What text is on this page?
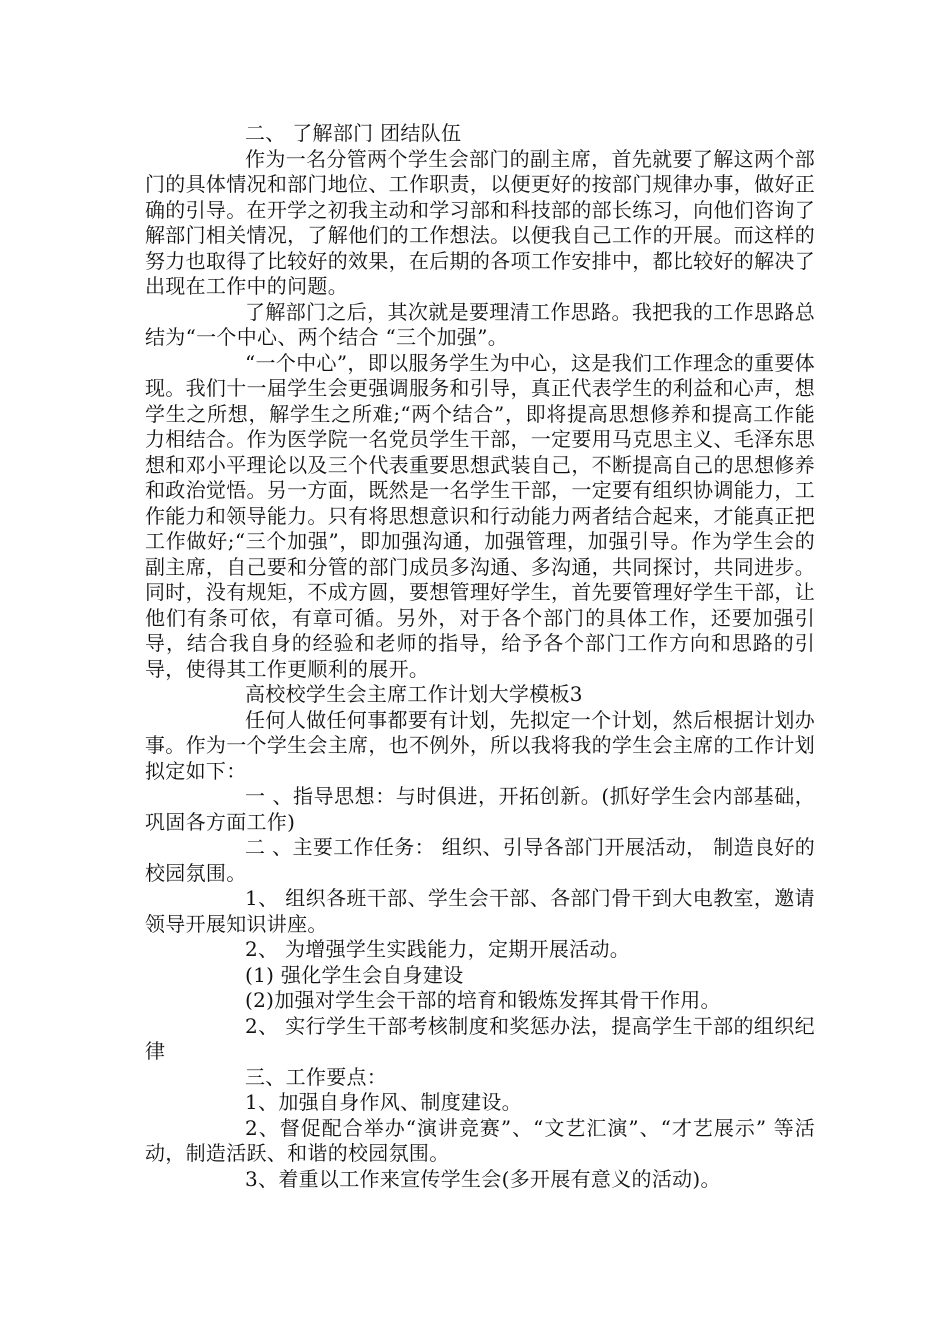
二、 了解部门 团结队伍

作为一名分管两个学生会部门的副主席，首先就要了解这两个部门的具体情况和部门地位、工作职责，以便更好的按部门规律办事，做好正确的引导。在开学之初我主动和学习部和科技部的部长练习，向他们咨询了解部门相关情况，了解他们的工作想法。以便我自己工作的开展。而这样的努力也取得了比较好的效果，在后期的各项工作安排中，都比较好的解决了出现在工作中的问题。

了解部门之后，其次就是要理清工作思路。我把我的工作思路总结为“一个中心、两个结合 “三个加强”。

“一个中心”，即以服务学生为中心，这是我们工作理念的重要体现。我们十一届学生会更强调服务和引导，真正代表学生的利益和心声，想学生之所想，解学生之所难;“两个结合”，即将提高思想修养和提高工作能力相结合。作为医学院一名党员学生干部，一定要用马克思主义、毛泽东思想和邓小平理论以及三个代表重要思想武装自己，不断提高自己的思想修养和政治觉悟。另一方面，既然是一名学生干部，一定要有组织协调能力，工作能力和领导能力。只有将思想意识和行动能力两者结合起来，才能真正把工作做好;“三个加强”，即加强沟通，加强管理，加强引导。作为学生会的副主席，自己要和分管的部门成员多沟通、多沟通，共同探讨，共同进步。同时，没有规矩，不成方圆，要想管理好学生，首先要管理好学生干部，让他们有条可依，有章可循。另外，对于各个部门的具体工作，还要加强引导，结合我自身的经验和老师的指导，给予各个部门工作方向和思路的引导，使得其工作更顺利的展开。

高校校学生会主席工作计划大学模板3

任何人做任何事都要有计划，先拟定一个计划，然后根据计划办事。作为一个学生会主席，也不例外，所以我将我的学生会主席的工作计划拟定如下：

一 、指导思想：与时俱进，开拓创新。(抓好学生会内部基础，巩固各方面工作)

二 、主要工作任务： 组织、引导各部门开展活动， 制造良好的校园氛围。

1、 组织各班干部、学生会干部、各部门骨干到大电教室，邀请领导开展知识讲座。

2、 为增强学生实践能力，定期开展活动。

(1) 强化学生会自身建设

(2)加强对学生会干部的培育和锻炼发挥其骨干作用。

2、 实行学生干部考核制度和奖惩办法，提高学生干部的组织纪律

三、工作要点：

1、加强自身作风、制度建设。

2、督促配合举办“演讲竞赛”、“文艺汇演”、“才艺展示” 等活动，制造活跃、和谐的校园氛围。

3、着重以工作来宣传学生会(多开展有意义的活动)。
